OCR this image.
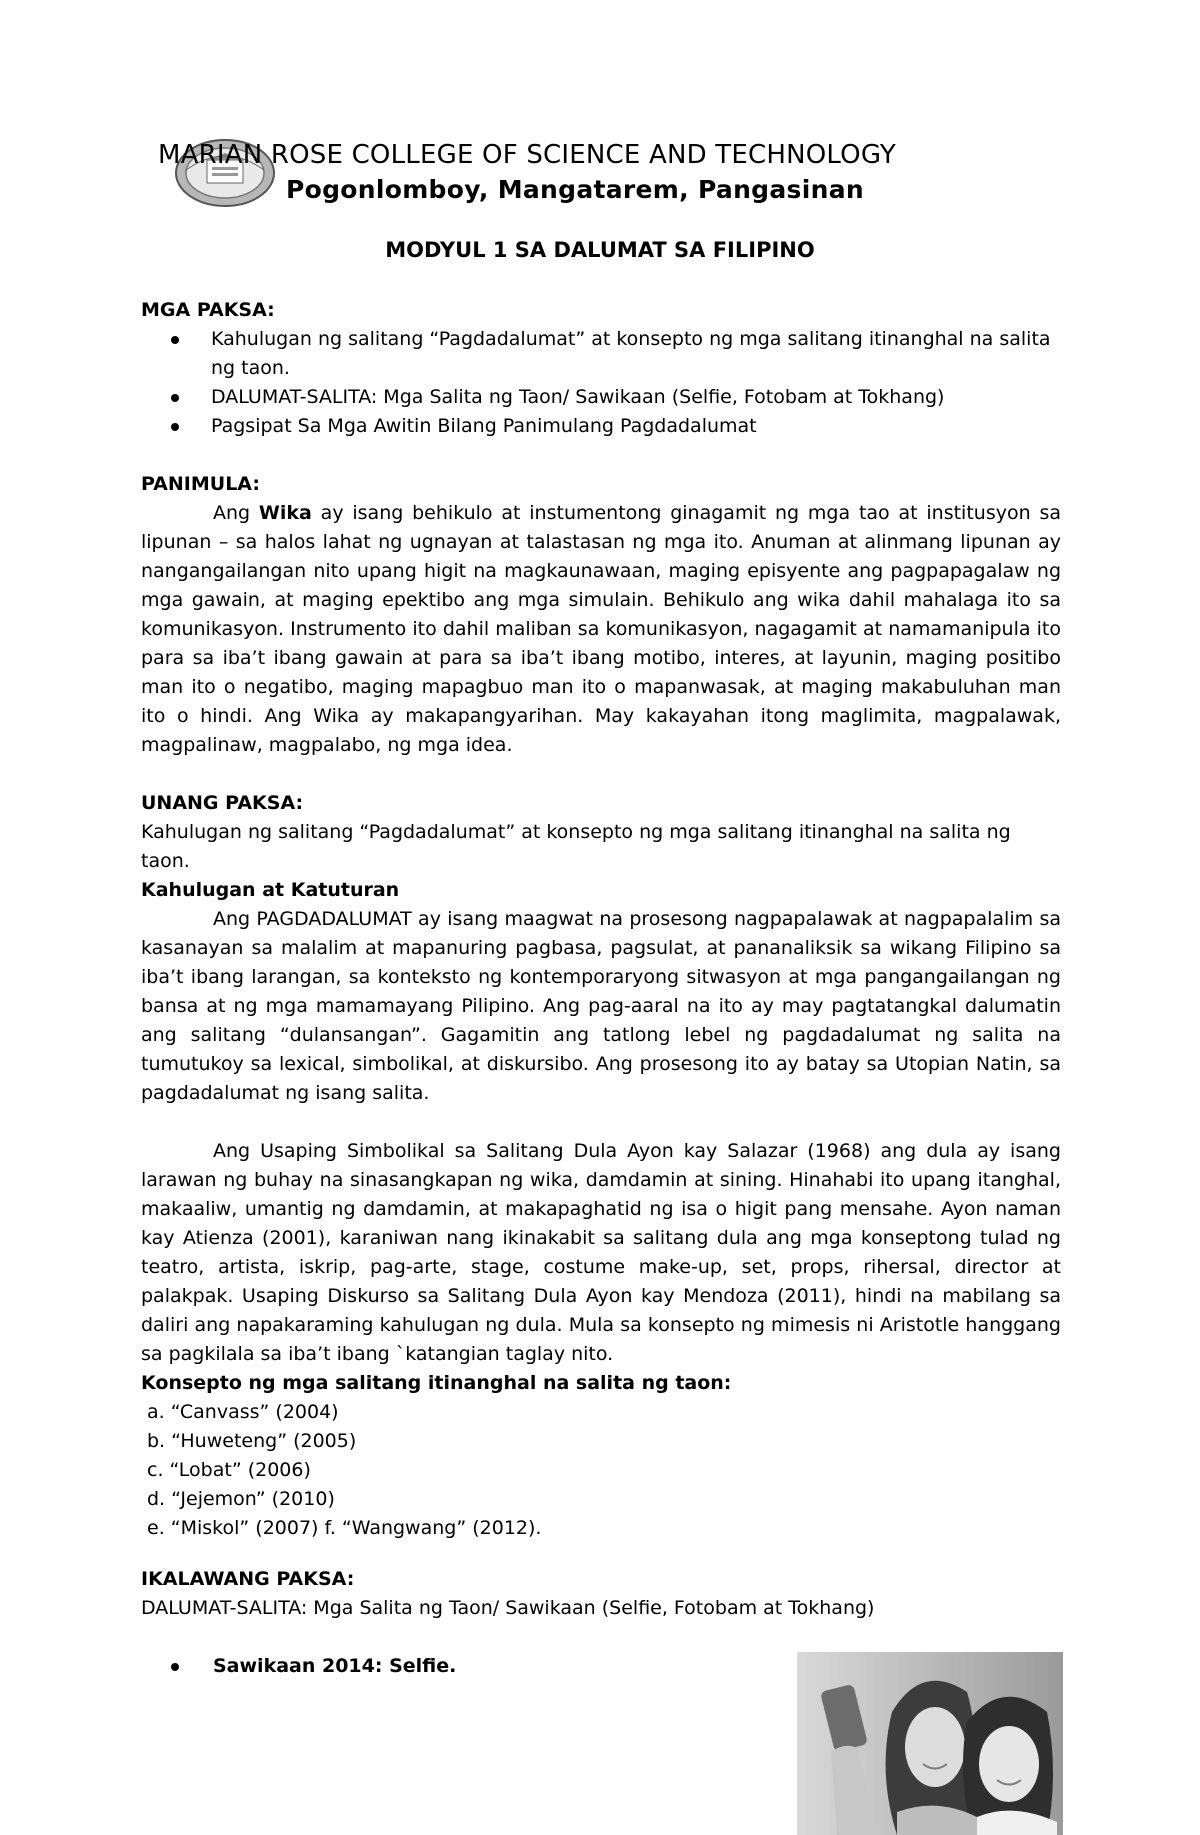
MARIAN ROSE COLLEGE OF SCIENCE AND TECHNOLOGY
Pogonlomboy, Mangatarem, Pangasinan
MODYUL 1 SA DALUMAT SA FILIPINO
MGA PAKSA:
Kahulugan ng salitang “Pagdadalumat” at konsepto ng mga salitang itinanghal na salita ng taon.
DALUMAT-SALITA: Mga Salita ng Taon/ Sawikaan (Selfie, Fotobam at Tokhang)
Pagsipat Sa Mga Awitin Bilang Panimulang Pagdadalumat
PANIMULA:

Ang Wika ay isang behikulo at instumentong ginagamit ng mga tao at institusyon sa lipunan – sa halos lahat ng ugnayan at talastasan ng mga ito. Anuman at alinmang lipunan ay nangangailangan nito upang higit na magkaunawaan, maging episyente ang pagpapagalaw ng mga gawain, at maging epektibo ang mga simulain. Behikulo ang wika dahil mahalaga ito sa komunikasyon. Instrumento ito dahil maliban sa komunikasyon, nagagamit at namamanipula ito para sa iba’t ibang gawain at para sa iba’t ibang motibo, interes, at layunin, maging positibo man ito o negatibo, maging mapagbuo man ito o mapanwasak, at maging makabuluhan man ito o hindi. Ang Wika ay makapangyarihan. May kakayahan itong maglimita, magpalawak, magpalinaw, magpalabo, ng mga idea.

UNANG PAKSA:
Kahulugan ng salitang “Pagdadalumat” at konsepto ng mga salitang itinanghal na salita ng taon.
Kahulugan at Katuturan

Ang PAGDADALUMAT ay isang maagwat na prosesong nagpapalawak at nagpapalalim sa kasanayan sa malalim at mapanuring pagbasa, pagsulat, at pananaliksik sa wikang Filipino sa iba’t ibang larangan, sa konteksto ng kontemporaryong sitwasyon at mga pangangailangan ng bansa at ng mga mamamayang Pilipino. Ang pag-aaral na ito ay may pagtatangkal dalumatin ang salitang “dulansangan”. Gagamitin ang tatlong lebel ng pagdadalumat ng salita na tumutukoy sa lexical, simbolikal, at diskursibo. Ang prosesong ito ay batay sa Utopian Natin, sa pagdadalumat ng isang salita.

Ang Usaping Simbolikal sa Salitang Dula Ayon kay Salazar (1968) ang dula ay isang larawan ng buhay na sinasangkapan ng wika, damdamin at sining. Hinahabi ito upang itanghal, makaaliw, umantig ng damdamin, at makapaghatid ng isa o higit pang mensahe. Ayon naman kay Atienza (2001), karaniwan nang ikinakabit sa salitang dula ang mga konseptong tulad ng teatro, artista, iskrip, pag-arte, stage, costume make-up, set, props, rihersal, director at palakpak. Usaping Diskurso sa Salitang Dula Ayon kay Mendoza (2011), hindi na mabilang sa daliri ang napakaraming kahulugan ng dula. Mula sa konsepto ng mimesis ni Aristotle hanggang sa pagkilala sa iba’t ibang `katangian taglay nito.

Konsepto ng mga salitang itinanghal na salita ng taon:
a. “Canvass” (2004)
b. “Huweteng” (2005)
c. “Lobat” (2006)
d. “Jejemon” (2010)
e. “Miskol” (2007) f. “Wangwang” (2012).
IKALAWANG PAKSA:
DALUMAT-SALITA: Mga Salita ng Taon/ Sawikaan (Selfie, Fotobam at Tokhang)
Sawikaan 2014: Selfie.
